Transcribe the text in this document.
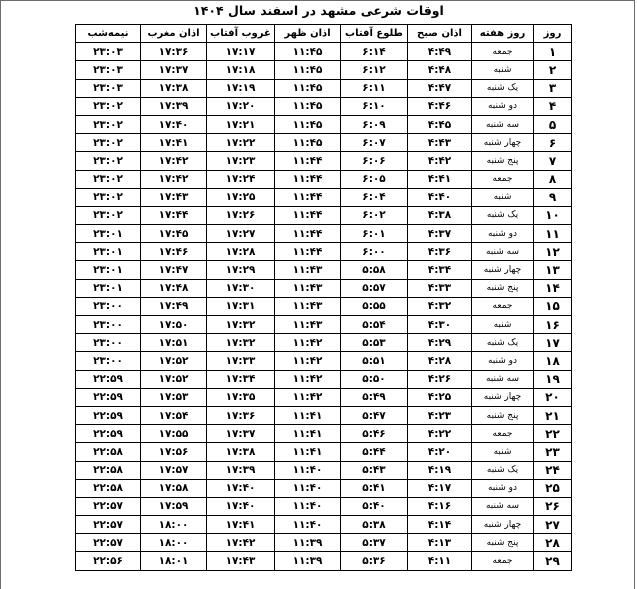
اوقات شرعی مشهد در اسفند سال ۱۴۰۴
روز	روز هفته	اذان صبح	طلوع آفتاب	اذان ظهر	غروب آفتاب	اذان مغرب	نیمه‌شب
۱	جمعه	۴:۴۹	۶:۱۴	۱۱:۴۵	۱۷:۱۷	۱۷:۳۶	۲۳:۰۳
۲	شنبه	۴:۴۸	۶:۱۲	۱۱:۴۵	۱۷:۱۸	۱۷:۳۷	۲۳:۰۳
۳	یک شنبه	۴:۴۷	۶:۱۱	۱۱:۴۵	۱۷:۱۹	۱۷:۳۸	۲۳:۰۳
۴	دو شنبه	۴:۴۶	۶:۱۰	۱۱:۴۵	۱۷:۲۰	۱۷:۳۹	۲۳:۰۲
۵	سه شنبه	۴:۴۵	۶:۰۹	۱۱:۴۵	۱۷:۲۱	۱۷:۴۰	۲۳:۰۲
۶	چهار شنبه	۴:۴۳	۶:۰۷	۱۱:۴۵	۱۷:۲۲	۱۷:۴۱	۲۳:۰۲
۷	پنج شنبه	۴:۴۲	۶:۰۶	۱۱:۴۴	۱۷:۲۳	۱۷:۴۲	۲۳:۰۲
۸	جمعه	۴:۴۱	۶:۰۵	۱۱:۴۴	۱۷:۲۴	۱۷:۴۲	۲۳:۰۲
۹	شنبه	۴:۴۰	۶:۰۴	۱۱:۴۴	۱۷:۲۵	۱۷:۴۳	۲۳:۰۲
۱۰	یک شنبه	۴:۳۸	۶:۰۲	۱۱:۴۴	۱۷:۲۶	۱۷:۴۴	۲۳:۰۲
۱۱	دو شنبه	۴:۳۷	۶:۰۱	۱۱:۴۴	۱۷:۲۷	۱۷:۴۵	۲۳:۰۱
۱۲	سه شنبه	۴:۳۶	۶:۰۰	۱۱:۴۴	۱۷:۲۸	۱۷:۴۶	۲۳:۰۱
۱۳	چهار شنبه	۴:۳۴	۵:۵۸	۱۱:۴۳	۱۷:۲۹	۱۷:۴۷	۲۳:۰۱
۱۴	پنج شنبه	۴:۳۳	۵:۵۷	۱۱:۴۳	۱۷:۳۰	۱۷:۴۸	۲۳:۰۱
۱۵	جمعه	۴:۳۲	۵:۵۵	۱۱:۴۳	۱۷:۳۱	۱۷:۴۹	۲۳:۰۰
۱۶	شنبه	۴:۳۰	۵:۵۴	۱۱:۴۳	۱۷:۳۲	۱۷:۵۰	۲۳:۰۰
۱۷	یک شنبه	۴:۲۹	۵:۵۳	۱۱:۴۲	۱۷:۳۲	۱۷:۵۱	۲۳:۰۰
۱۸	دو شنبه	۴:۲۸	۵:۵۱	۱۱:۴۲	۱۷:۳۳	۱۷:۵۲	۲۳:۰۰
۱۹	سه شنبه	۴:۲۶	۵:۵۰	۱۱:۴۲	۱۷:۳۴	۱۷:۵۲	۲۲:۵۹
۲۰	چهار شنبه	۴:۲۵	۵:۴۹	۱۱:۴۲	۱۷:۳۵	۱۷:۵۳	۲۲:۵۹
۲۱	پنج شنبه	۴:۲۳	۵:۴۷	۱۱:۴۱	۱۷:۳۶	۱۷:۵۴	۲۲:۵۹
۲۲	جمعه	۴:۲۲	۵:۴۶	۱۱:۴۱	۱۷:۳۷	۱۷:۵۵	۲۲:۵۹
۲۳	شنبه	۴:۲۰	۵:۴۴	۱۱:۴۱	۱۷:۳۸	۱۷:۵۶	۲۲:۵۸
۲۴	یک شنبه	۴:۱۹	۵:۴۳	۱۱:۴۰	۱۷:۳۹	۱۷:۵۷	۲۲:۵۸
۲۵	دو شنبه	۴:۱۷	۵:۴۱	۱۱:۴۰	۱۷:۴۰	۱۷:۵۸	۲۲:۵۸
۲۶	سه شنبه	۴:۱۶	۵:۴۰	۱۱:۴۰	۱۷:۴۰	۱۷:۵۹	۲۲:۵۷
۲۷	چهار شنبه	۴:۱۴	۵:۳۸	۱۱:۴۰	۱۷:۴۱	۱۸:۰۰	۲۲:۵۷
۲۸	پنج شنبه	۴:۱۳	۵:۳۷	۱۱:۳۹	۱۷:۴۲	۱۸:۰۰	۲۲:۵۷
۲۹	جمعه	۴:۱۱	۵:۳۶	۱۱:۳۹	۱۷:۴۳	۱۸:۰۱	۲۲:۵۶
